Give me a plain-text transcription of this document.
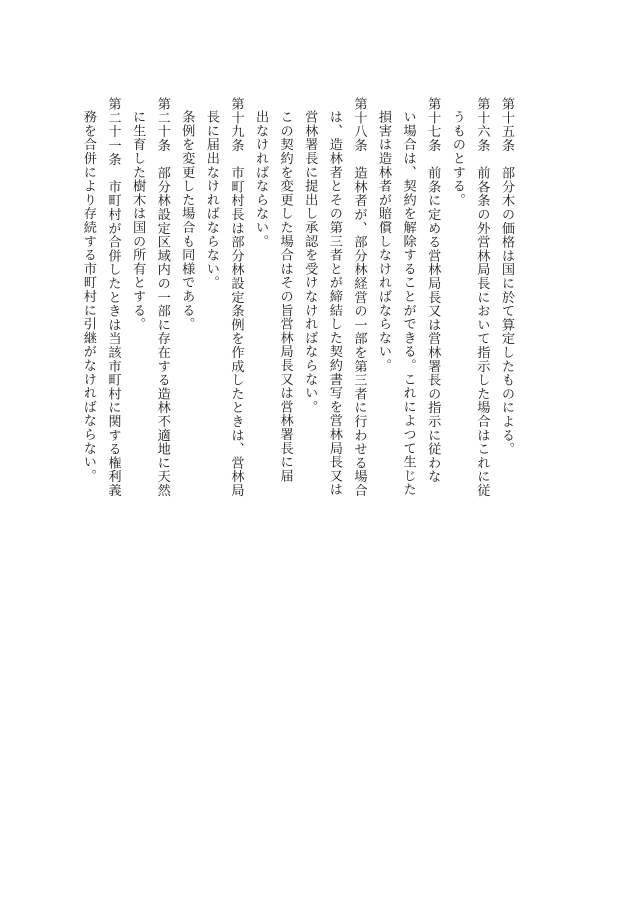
第十五条　部分木の価格は国に於て算定したものによる。

第十六条　前各条の外営林局長において指示した場合はこれに従

うものとする。

第十七条　前条に定める営林局長又は営林署長の指示に従わな

い場合は、契約を解除することができる。これによつて生じた

損害は造林者が賠償しなければならない。

第十八条　造林者が、部分林経営の一部を第三者に行わせる場合

は、造林者とその第三者とが締結した契約書写を営林局長又は

営林署長に提出し承認を受けなければならない。

この契約を変更した場合はその旨営林局長又は営林署長に届

出なければならない。

第十九条　市町村長は部分林設定条例を作成したときは、営林局

長に届出なければならない。

条例を変更した場合も同様である。

第二十条　部分林設定区域内の一部に存在する造林不適地に天然

に生育した樹木は国の所有とする。

第二十一条　市町村が合併したときは当該市町村に関する権利義

務を合併により存続する市町村に引継がなければならない。
